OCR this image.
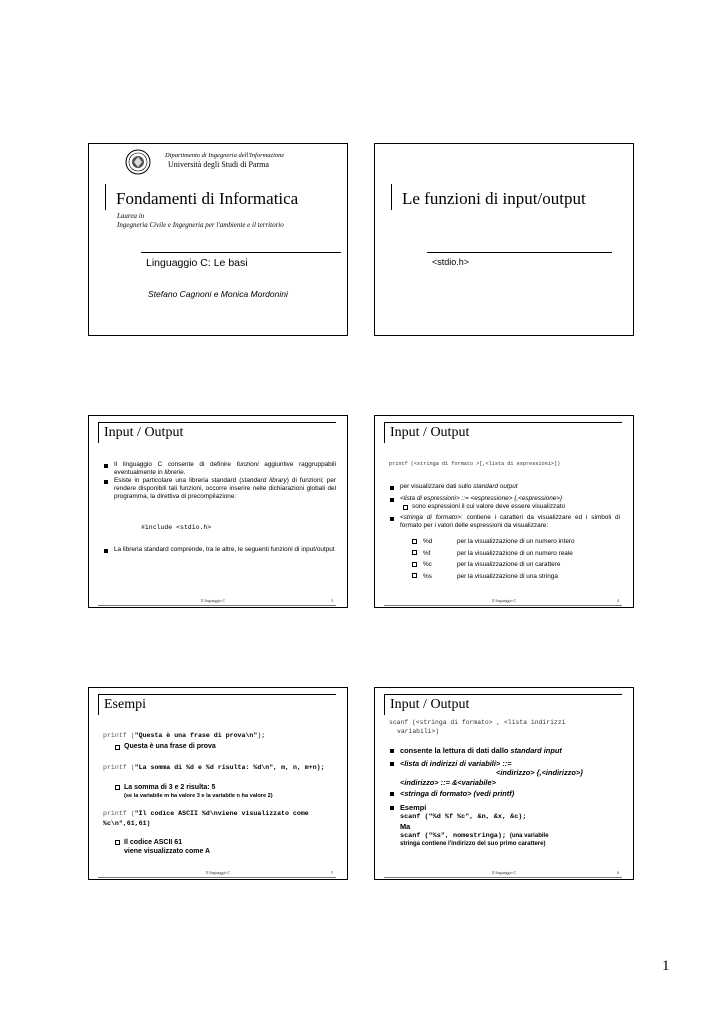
Dipartimento di Ingegneria dell'Informazione
Università degli Studi di Parma
Fondamenti di Informatica
Laurea in
Ingegneria Civile e Ingegneria per l'ambiente e il territorio
Linguaggio C: Le basi
Stefano Cagnoni e Monica Mordonini
Le funzioni di input/output
<stdio.h>
Input / Output
Il linguaggio C consente di definire funzioni aggiuntive raggruppabili eventualmente in librerie.
Esiste in particolare una libreria standard (standard library) di funzioni; per rendere disponibili tali funzioni, occorre inserire nelle dichiarazioni globali del programma, la direttiva di precompilazione:
#include <stdio.h>
La libreria standard comprende, tra le altre, le seguenti funzioni di input/output
Il linguaggio C	3
Input / Output
printf (<stringa di formato >[,<lista di espressioni>])
per visualizzare dati sullo standard output
<lista di espressioni> ::= <espressione> {,<espressione>}
sono espressioni il cui valore deve essere visualizzato
<stringa di formato>: contiene i caratteri da visualizzare ed i simboli di formato per i valori delle espressioni da visualizzare:
%d	per la visualizzazione di un numero intero
%f	per la visualizzazione di un numero reale
%c	per la visualizzazione di un carattere
%s	per la visualizzazione di una stringa
Il linguaggio C	4
Esempi
printf ("Questa è una frase di prova\n");
Questa è una frase di prova
printf ("La somma di %d e %d risulta: %d\n", m, n, m+n);
La somma di 3 e 2 risulta: 5
(se la variabile m ha valore 3 e la variabile n ha valore 2)
printf ("Il codice ASCII %d\nviene visualizzato come %c\n",61,61)
Il codice ASCII 61
viene visualizzato come A
Il linguaggio C	5
Input / Output
scanf (<stringa di formato> , <lista indirizzi
variabili>)
consente la lettura di dati dallo standard input
<lista di indirizzi di variabili> ::=
<indirizzo> {,<indirizzo>}
<indirizzo> ::= &<variabile>
<stringa di formato> (vedi printf)
Esempi
scanf ("%d %f %c", &n, &x, &c);
Ma
scanf ("%s", nomestringa); (una variabile
stringa contiene l'indirizzo del suo primo carattere)
Il linguaggio C	6
1
